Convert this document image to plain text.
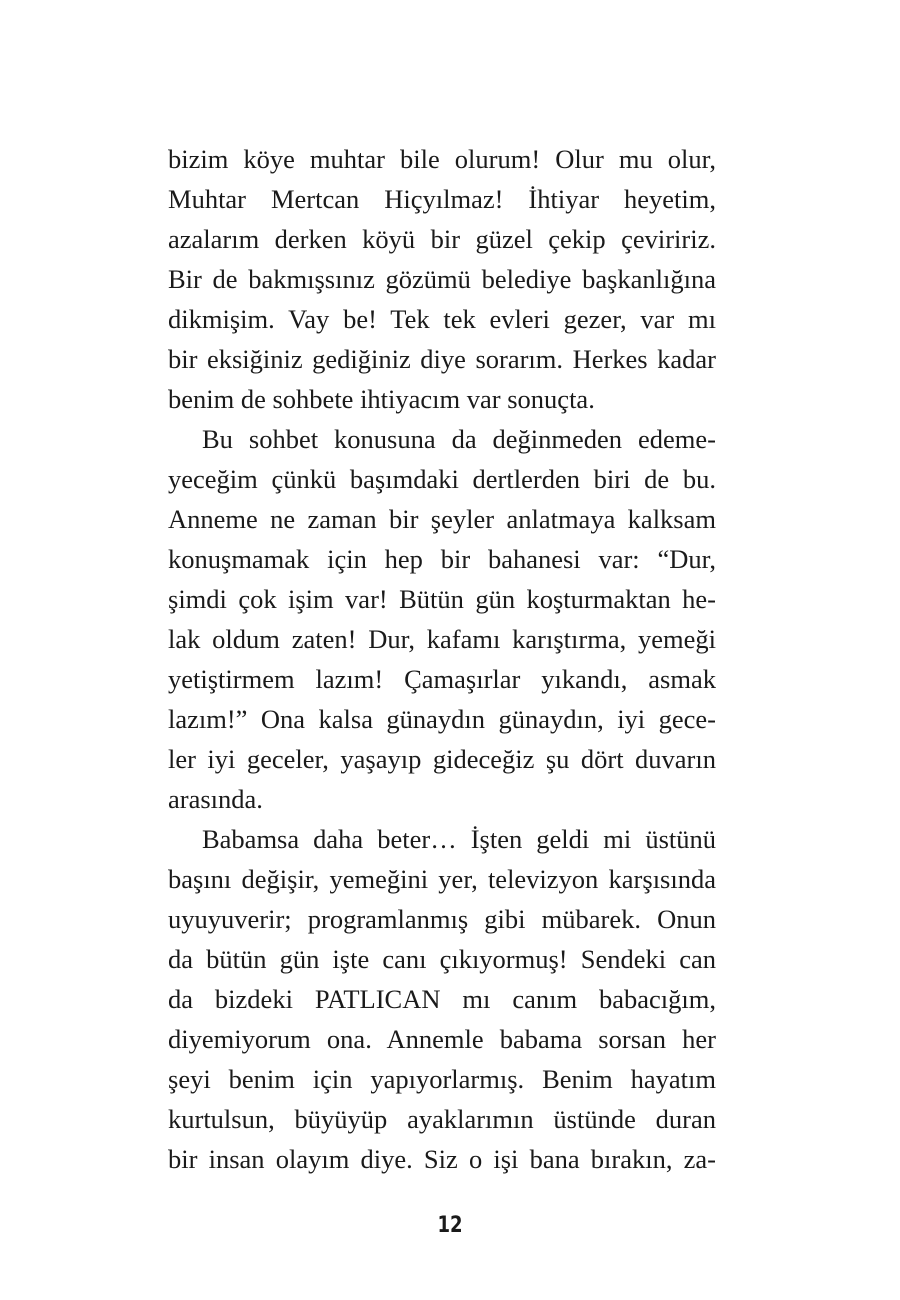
bizim köye muhtar bile olurum! Olur mu olur,
Muhtar Mertcan Hiçyılmaz! İhtiyar heyetim,
azalarım derken köyü bir güzel çekip çeviririz.
Bir de bakmışsınız gözümü belediye başkanlığına
dikmişim. Vay be! Tek tek evleri gezer, var mı
bir eksiğiniz gediğiniz diye sorarım. Herkes kadar
benim de sohbete ihtiyacım var sonuçta.
Bu sohbet konusuna da değinmeden edeme-
yeceğim çünkü başımdaki dertlerden biri de bu.
Anneme ne zaman bir şeyler anlatmaya kalksam
konuşmamak için hep bir bahanesi var: “Dur,
şimdi çok işim var! Bütün gün koşturmaktan he-
lak oldum zaten! Dur, kafamı karıştırma, yemeği
yetiştirmem lazım! Çamaşırlar yıkandı, asmak
lazım!” Ona kalsa günaydın günaydın, iyi gece-
ler iyi geceler, yaşayıp gideceğiz şu dört duvarın
arasında.
Babamsa daha beter… İşten geldi mi üstünü
başını değişir, yemeğini yer, televizyon karşısında
uyuyuverir; programlanmış gibi mübarek. Onun
da bütün gün işte canı çıkıyormuş! Sendeki can
da bizdeki PATLICAN mı canım babacığım,
diyemiyorum ona. Annemle babama sorsan her
şeyi benim için yapıyorlarmış. Benim hayatım
kurtulsun, büyüyüp ayaklarımın üstünde duran
bir insan olayım diye. Siz o işi bana bırakın, za-
12
